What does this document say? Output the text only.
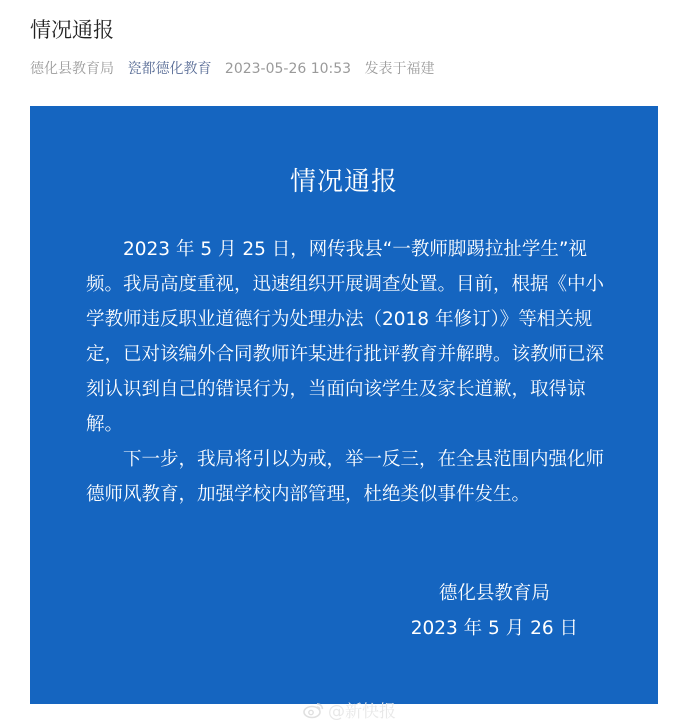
情况通报
德化县教育局 瓷都德化教育 2023-05-26 10:53 发表于福建
情况通报

2023 年 5 月 25 日，网传我县“一教师脚踢拉扯学生”视频。我局高度重视，迅速组织开展调查处置。目前，根据《中小学教师违反职业道德行为处理办法（2018 年修订）》等相关规定，已对该编外合同教师许某进行批评教育并解聘。该教师已深刻认识到自己的错误行为，当面向该学生及家长道歉，取得谅解。

下一步，我局将引以为戒，举一反三，在全县范围内强化师德师风教育，加强学校内部管理，杜绝类似事件发生。

德化县教育局
2023 年 5 月 26 日
@新快报
